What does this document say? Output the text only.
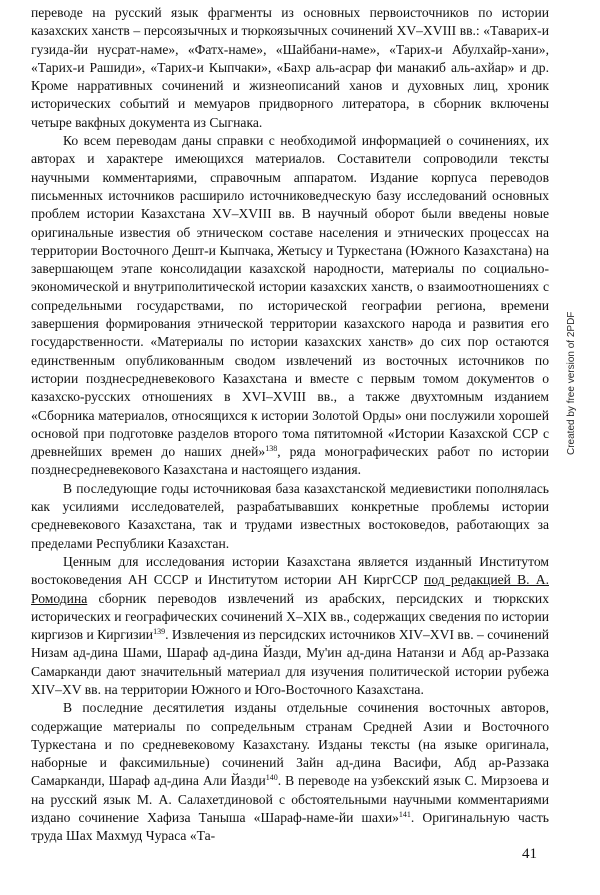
переводе на русский язык фрагменты из основных первоисточников по истории казахских ханств – персоязычных и тюркоязычных сочинений XV–XVIII вв.: «Таварих-и гузида-йи нусрат-наме», «Фатх-наме», «Шайбани-наме», «Тарих-и Абулхайр-хани», «Тарих-и Рашиди», «Тарих-и Кыпчаки», «Бахр аль-асрар фи манакиб аль-ахйар» и др. Кроме нарративных сочинений и жизнеописаний ханов и духовных лиц, хроник исторических событий и мемуаров придворного литератора, в сборник включены четыре вакфных документа из Сыгнака.

Ко всем переводам даны справки с необходимой информацией о сочинениях, их авторах и характере имеющихся материалов. Составители сопроводили тексты научными комментариями, справочным аппаратом. Издание корпуса переводов письменных источников расширило источниковедческую базу исследований основных проблем истории Казахстана XV–XVIII вв. В научный оборот были введены новые оригинальные известия об этническом составе населения и этнических процессах на территории Восточного Дешт-и Кыпчака, Жетысу и Туркестана (Южного Казахстана) на завершающем этапе консолидации казахской народности, материалы по социально-экономической и внутриполитической истории казахских ханств, о взаимоотношениях с сопредельными государствами, по исторической географии региона, времени завершения формирования этнической территории казахского народа и развития его государственности. «Материалы по истории казахских ханств» до сих пор остаются единственным опубликованным сводом извлечений из восточных источников по истории позднесредневекового Казахстана и вместе с первым томом документов о казахско-русских отношениях в XVI–XVIII вв., а также двухтомным изданием «Сборника материалов, относящихся к истории Золотой Орды» они послужили хорошей основой при подготовке разделов второго тома пятитомной «Истории Казахской ССР с древнейших времен до наших дней»$^{138}$, ряда монографических работ по истории позднесредневекового Казахстана и настоящего издания.

В последующие годы источниковая база казахстанской медиевистики пополнялась как усилиями исследователей, разрабатывавших конкретные проблемы истории средневекового Казахстана, так и трудами известных востоковедов, работающих за пределами Республики Казахстан.

Ценным для исследования истории Казахстана является изданный Институтом востоковедения АН СССР и Институтом истории АН КиргССР под редакцией В. А. Ромодина сборник переводов извлечений из арабских, персидских и тюркских исторических и географических сочинений X–XIX вв., содержащих сведения по истории киргизов и Киргизии$^{139}$. Извлечения из персидских источников XIV–XVI вв. – сочинений Низам ад-дина Шами, Шараф ад-дина Йазди, Му'ин ад-дина Натанзи и Абд ар-Раззака Самарканди дают значительный материал для изучения политической истории рубежа XIV–XV вв. на территории Южного и Юго-Восточного Казахстана.

В последние десятилетия изданы отдельные сочинения восточных авторов, содержащие материалы по сопредельным странам Средней Азии и Восточного Туркестана и по средневековому Казахстану. Изданы тексты (на языке оригинала, наборные и факсимильные) сочинений Зайн ад-дина Васифи, Абд ар-Раззака Самарканди, Шараф ад-дина Али Йазди$^{140}$. В переводе на узбекский язык С. Мирзоева и на русский язык М. А. Салахетдиновой с обстоятельными научными комментариями издано сочинение Хафиза Таныша «Шараф-наме-йи шахи»$^{141}$. Оригинальную часть труда Шах Махмуд Чураса «Та-

Created by free version of 2PDF
41
